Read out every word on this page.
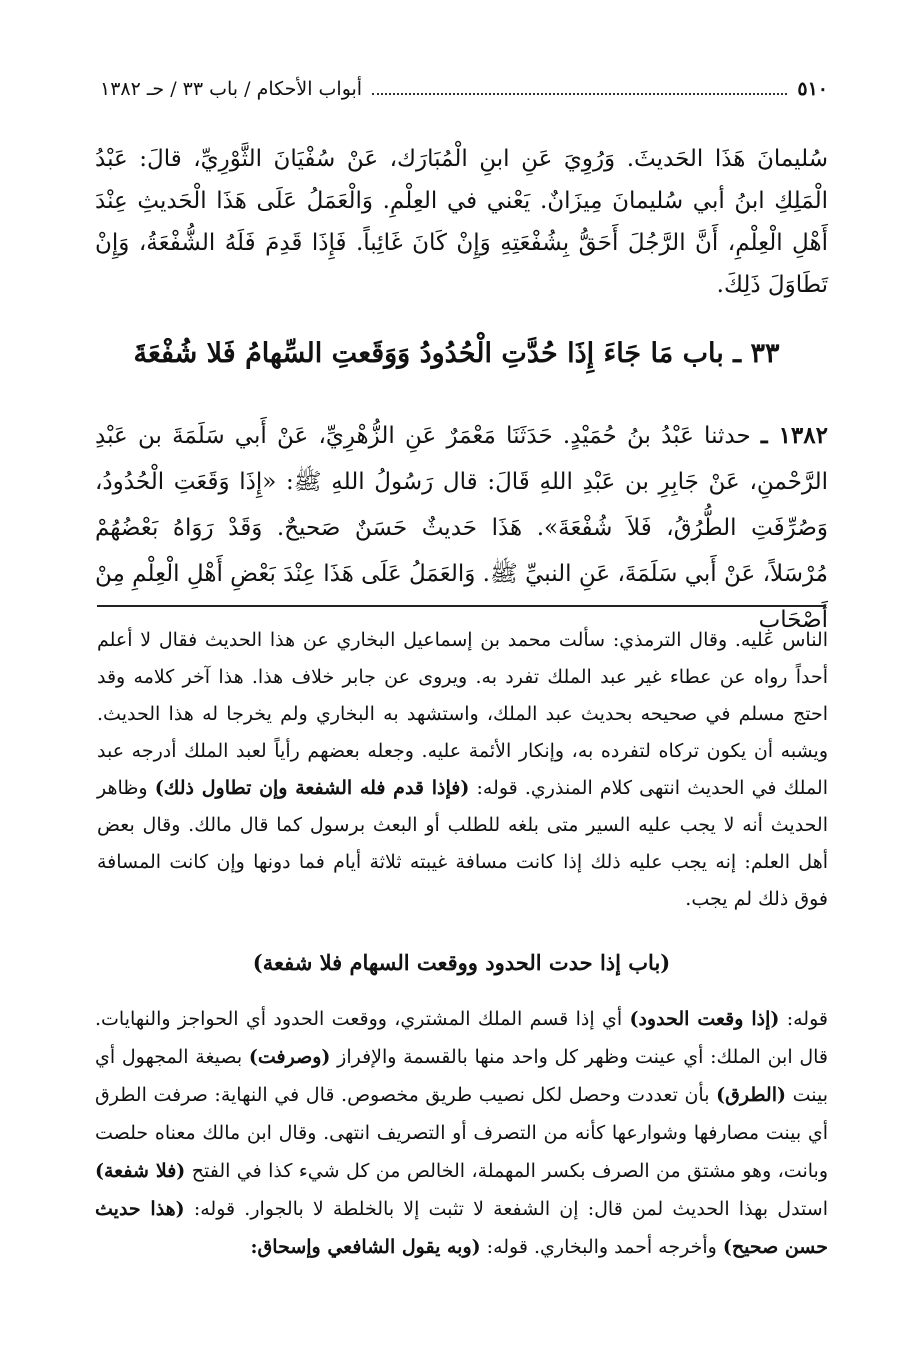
٥١٠
أبواب الأحكام / باب ٣٣ / حـ ١٣٨٢

سُليمانَ هَذَا الحَديثَ. وَرُوِيَ عَنِ ابنِ الْمُبَارَك، عَنْ سُفْيَانَ الثَّوْرِيِّ، قالَ: عَبْدُ الْمَلِكِ ابنُ أبي سُليمانَ مِيزَانٌ. يَعْني في العِلْمِ. وَالْعَمَلُ عَلَى هَذَا الْحَديثِ عِنْدَ أَهْلِ الْعِلْمِ، أَنَّ الرَّجُلَ أَحَقُّ بِشُفْعَتِهِ وَإِنْ كَانَ غَائِباً. فَإِذَا قَدِمَ فَلَهُ الشُّفْعَةُ، وَإِنْ تَطَاوَلَ ذَلِكَ.

٣٣ ـ باب مَا جَاءَ إِذَا حُدَّتِ الْحُدُودُ وَوَقَعتِ السِّهامُ فَلا شُفْعَةَ

١٣٨٢ ـ حدثنا عَبْدُ بنُ حُمَيْدٍ. حَدَثَنَا مَعْمَرٌ عَنِ الزُّهْرِيِّ، عَنْ أَبي سَلَمَةَ بن عَبْدِ الرَّحْمنِ، عَنْ جَابِرِ بن عَبْدِ اللهِ قَالَ: قال رَسُولُ اللهِ ﷺ: «إِذَا وَقَعَتِ الْحُدُودُ، وَصُرِّفَتِ الطُّرُقُ، فَلاَ شُفْعَةَ». هَذَا حَديثٌ حَسَنٌ صَحيحٌ. وَقَدْ رَوَاهُ بَعْضُهُمْ مُرْسَلاً، عَنْ أَبي سَلَمَةَ، عَنِ النبيِّ ﷺ. وَالعَمَلُ عَلَى هَذَا عِنْدَ بَعْضِ أَهْلِ الْعِلْمِ مِنْ أَصْحَابِ

الناس عليه. وقال الترمذي: سألت محمد بن إسماعيل البخاري عن هذا الحديث فقال لا أعلم أحداً رواه عن عطاء غير عبد الملك تفرد به. ويروى عن جابر خلاف هذا. هذا آخر كلامه وقد احتج مسلم في صحيحه بحديث عبد الملك، واستشهد به البخاري ولم يخرجا له هذا الحديث. ويشبه أن يكون تركاه لتفرده به، وإنكار الأئمة عليه. وجعله بعضهم رأياً لعبد الملك أدرجه عبد الملك في الحديث انتهى كلام المنذري. قوله: (فإذا قدم فله الشفعة وإن تطاول ذلك) وظاهر الحديث أنه لا يجب عليه السير متى بلغه للطلب أو البعث برسول كما قال مالك. وقال بعض أهل العلم: إنه يجب عليه ذلك إذا كانت مسافة غيبته ثلاثة أيام فما دونها وإن كانت المسافة فوق ذلك لم يجب.

(باب إذا حدت الحدود ووقعت السهام فلا شفعة)

قوله: (إذا وقعت الحدود) أي إذا قسم الملك المشتري، ووقعت الحدود أي الحواجز والنهايات. قال ابن الملك: أي عينت وظهر كل واحد منها بالقسمة والإفراز (وصرفت) بصيغة المجهول أي بينت (الطرق) بأن تعددت وحصل لكل نصيب طريق مخصوص. قال في النهاية: صرفت الطرق أي بينت مصارفها وشوارعها كأنه من التصرف أو التصريف انتهى. وقال ابن مالك معناه حلصت وبانت، وهو مشتق من الصرف بكسر المهملة، الخالص من كل شيء كذا في الفتح (فلا شفعة) استدل بهذا الحديث لمن قال: إن الشفعة لا تثبت إلا بالخلطة لا بالجوار. قوله: (هذا حديث حسن صحيح) وأخرجه أحمد والبخاري. قوله: (وبه يقول الشافعي وإسحاق:
